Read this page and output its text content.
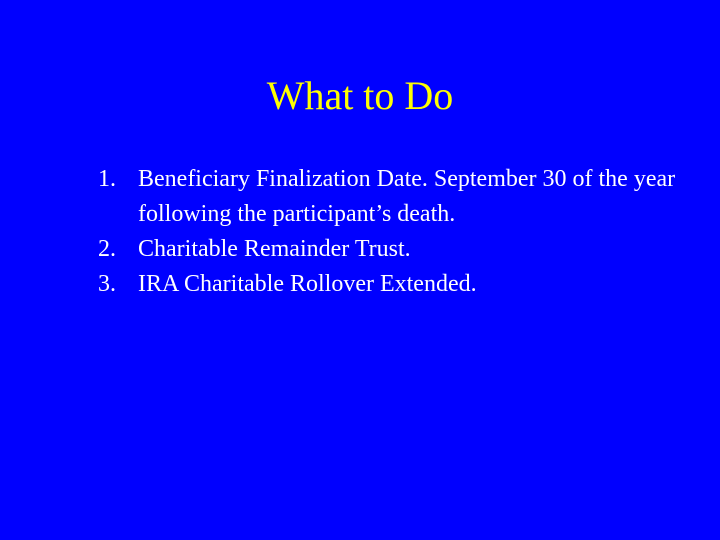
What to Do
1. Beneficiary Finalization Date. September 30 of the year following the participant’s death.
2. Charitable Remainder Trust.
3. IRA Charitable Rollover Extended.
